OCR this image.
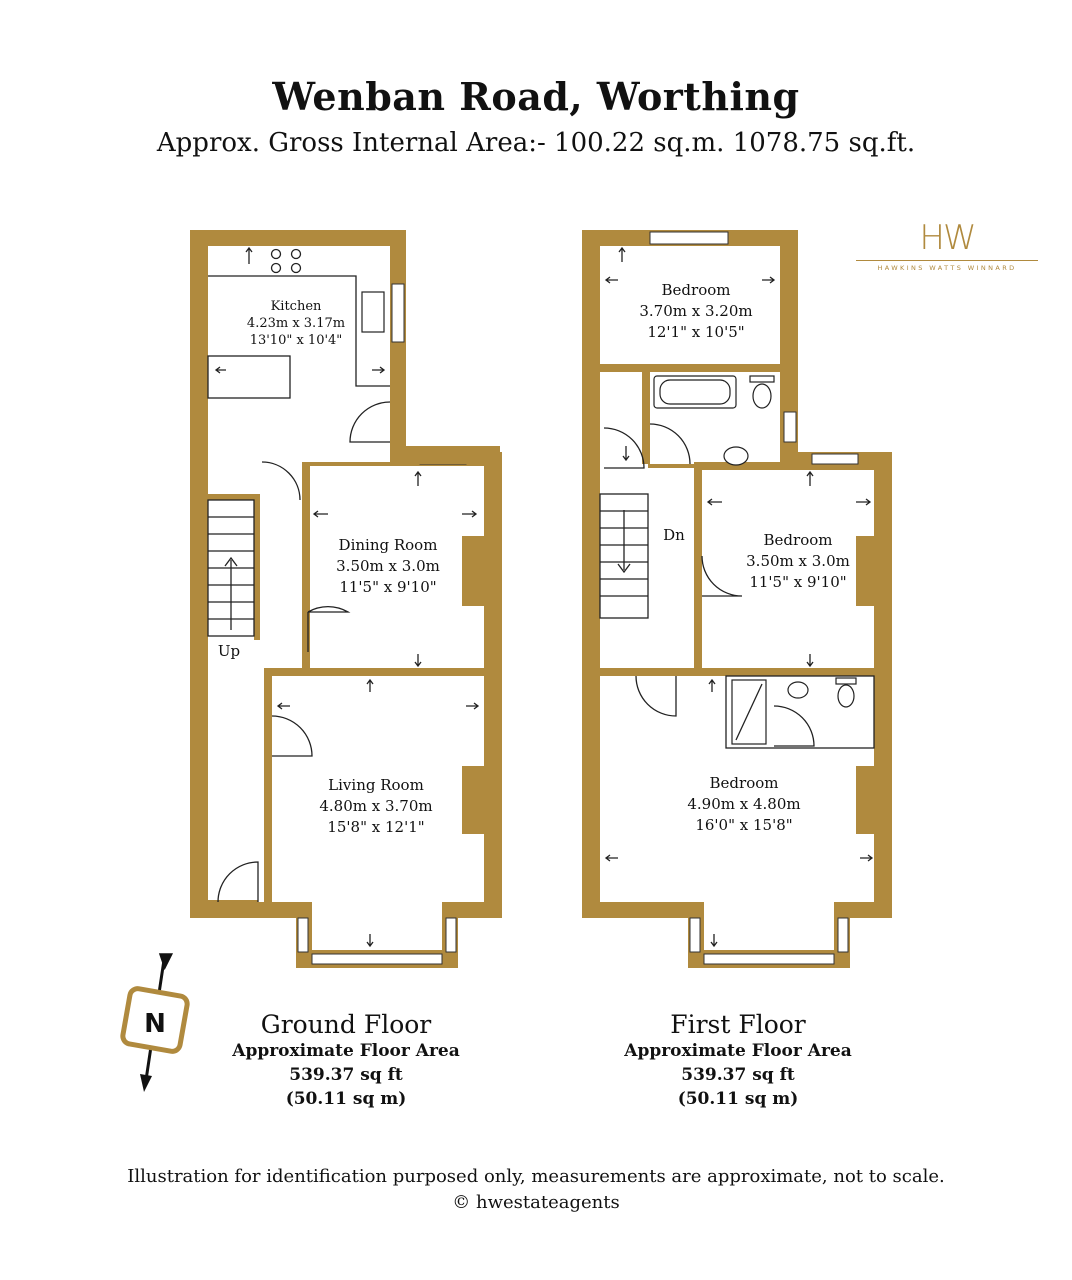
Wenban Road, Worthing
Approx. Gross Internal Area:- 100.22 sq.m. 1078.75 sq.ft.
HW
HAWKINS WATTS WINNARD
Kitchen
4.23m x 3.17m
13'10" x 10'4"
Dining Room
3.50m x 3.0m
11'5" x 9'10"
Living Room
4.80m x 3.70m
15'8" x 12'1"
Up
Bedroom
3.70m x 3.20m
12'1" x 10'5"
Bedroom
3.50m x 3.0m
11'5" x 9'10"
Bedroom
4.90m x 4.80m
16'0" x 15'8"
Dn
N	Ground Floor
Approximate Floor Area
539.37 sq ft
(50.11 sq m)
First Floor
Approximate Floor Area
539.37 sq ft
(50.11 sq m)
Illustration for identification purposed only, measurements are approximate, not to scale.
© hwestateagents
